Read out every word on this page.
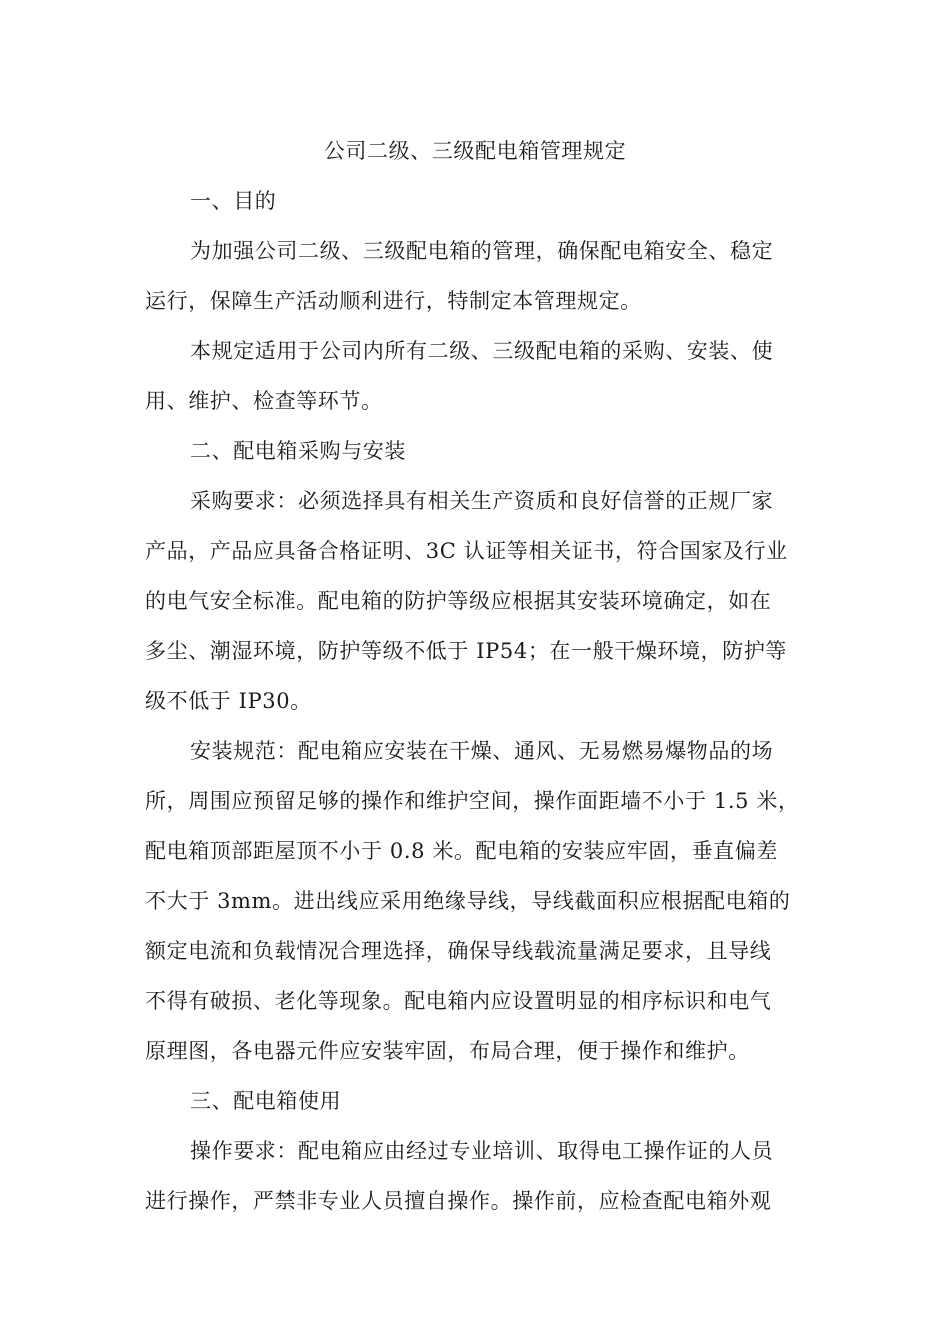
公司二级、三级配电箱管理规定
一、目的
为加强公司二级、三级配电箱的管理，确保配电箱安全、稳定
运行，保障生产活动顺利进行，特制定本管理规定。
本规定适用于公司内所有二级、三级配电箱的采购、安装、使
用、维护、检查等环节。
二、配电箱采购与安装
采购要求：必须选择具有相关生产资质和良好信誉的正规厂家
产品，产品应具备合格证明、3C 认证等相关证书，符合国家及行业
的电气安全标准。配电箱的防护等级应根据其安装环境确定，如在
多尘、潮湿环境，防护等级不低于 IP54；在一般干燥环境，防护等
级不低于 IP30。
安装规范：配电箱应安装在干燥、通风、无易燃易爆物品的场
所，周围应预留足够的操作和维护空间，操作面距墙不小于 1.5 米，
配电箱顶部距屋顶不小于 0.8 米。配电箱的安装应牢固，垂直偏差
不大于 3mm。进出线应采用绝缘导线，导线截面积应根据配电箱的
额定电流和负载情况合理选择，确保导线载流量满足要求，且导线
不得有破损、老化等现象。配电箱内应设置明显的相序标识和电气
原理图，各电器元件应安装牢固，布局合理，便于操作和维护。
三、配电箱使用
操作要求：配电箱应由经过专业培训、取得电工操作证的人员
进行操作，严禁非专业人员擅自操作。操作前，应检查配电箱外观
